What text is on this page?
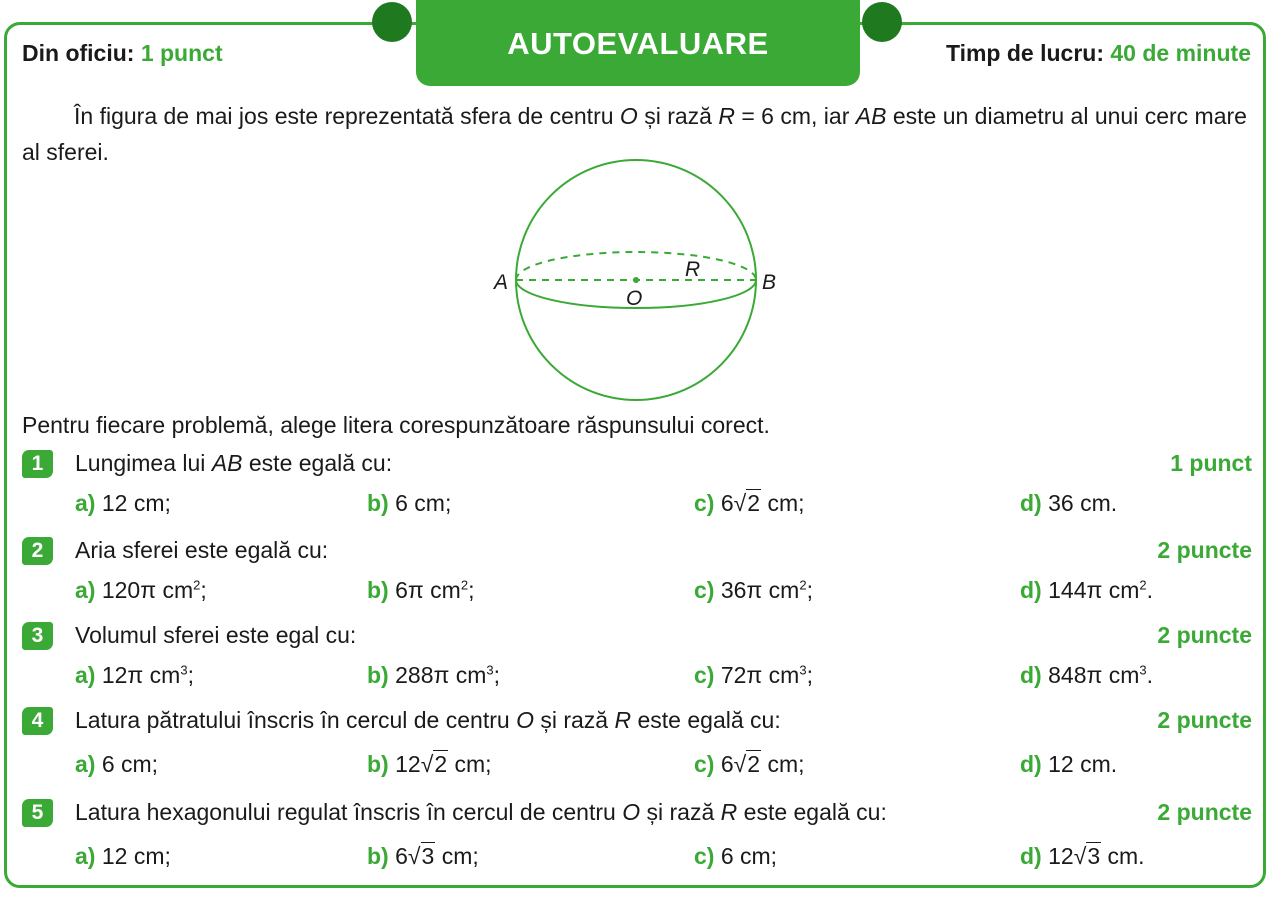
AUTOEVALUARE
Din oficiu: 1 punct	Timp de lucru: 40 de minute
În figura de mai jos este reprezentată sfera de centru O și rază R = 6 cm, iar AB este un diametru al unui cerc mare al sferei.
A	B
O
R
Pentru fiecare problemă, alege litera corespunzătoare răspunsului corect.
1	Lungimea lui AB este egală cu:	1 punct
a) 12 cm;	b) 6 cm;	c) 6√2 cm;	d) 36 cm.
2	Aria sferei este egală cu:	2 puncte
a) 120π $cm^2$;	b) 6π $cm^2$;	c) 36π $cm^2$;	d) 144π $cm^2$.
3	Volumul sferei este egal cu:	2 puncte
a) 12π $cm^3$;	b) 288π $cm^3$;	c) 72π $cm^3$;	d) 848π $cm^3$.
4	Latura pătratului înscris în cercul de centru O și rază R este egală cu:	2 puncte
a) 6 cm;	b) 12√2 cm;	c) 6√2 cm;	d) 12 cm.
5	Latura hexagonului regulat înscris în cercul de centru O și rază R este egală cu:	2 puncte
a) 12 cm;	b) 6√3 cm;	c) 6 cm;	d) 12√3 cm.
